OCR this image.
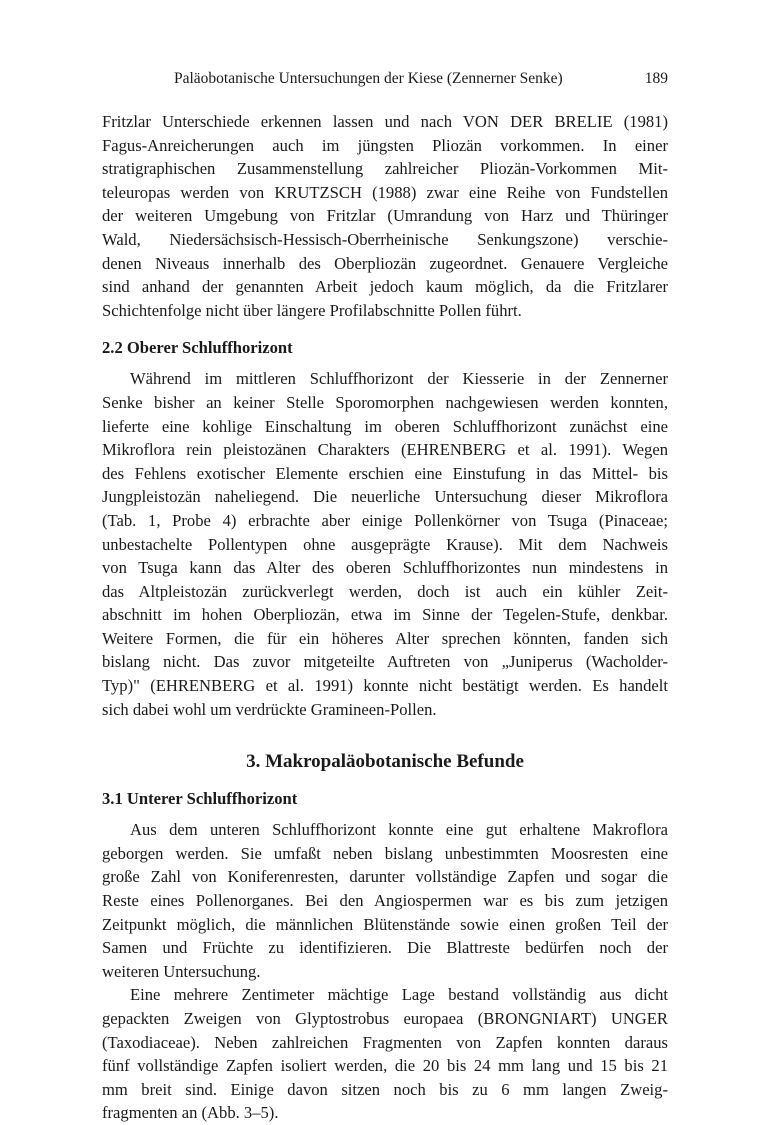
Paläobotanische Untersuchungen der Kiese (Zennerner Senke)	189

Fritzlar Unterschiede erkennen lassen und nach VON DER BRELIE (1981)
Fagus-Anreicherungen auch im jüngsten Pliozän vorkommen. In einer
stratigraphischen Zusammenstellung zahlreicher Pliozän-Vorkommen Mit-
teleuropas werden von KRUTZSCH (1988) zwar eine Reihe von Fundstellen
der weiteren Umgebung von Fritzlar (Umrandung von Harz und Thüringer
Wald, Niedersächsisch-Hessisch-Oberrheinische Senkungszone) verschie-
denen Niveaus innerhalb des Oberpliozän zugeordnet. Genauere Vergleiche
sind anhand der genannten Arbeit jedoch kaum möglich, da die Fritzlarer
Schichtenfolge nicht über längere Profilabschnitte Pollen führt.

2.2 Oberer Schluffhorizont

Während im mittleren Schluffhorizont der Kiesserie in der Zennerner
Senke bisher an keiner Stelle Sporomorphen nachgewiesen werden konnten,
lieferte eine kohlige Einschaltung im oberen Schluffhorizont zunächst eine
Mikroflora rein pleistozänen Charakters (EHRENBERG et al. 1991). Wegen
des Fehlens exotischer Elemente erschien eine Einstufung in das Mittel- bis
Jungpleistozän naheliegend. Die neuerliche Untersuchung dieser Mikroflora
(Tab. 1, Probe 4) erbrachte aber einige Pollenkörner von Tsuga (Pinaceae;
unbestachelte Pollentypen ohne ausgeprägte Krause). Mit dem Nachweis
von Tsuga kann das Alter des oberen Schluffhorizontes nun mindestens in
das Altpleistozän zurückverlegt werden, doch ist auch ein kühler Zeit-
abschnitt im hohen Oberpliozän, etwa im Sinne der Tegelen-Stufe, denkbar.
Weitere Formen, die für ein höheres Alter sprechen könnten, fanden sich
bislang nicht. Das zuvor mitgeteilte Auftreten von „Juniperus (Wacholder-
Typ)" (EHRENBERG et al. 1991) konnte nicht bestätigt werden. Es handelt
sich dabei wohl um verdrückte Gramineen-Pollen.

3. Makropaläobotanische Befunde
3.1 Unterer Schluffhorizont

Aus dem unteren Schluffhorizont konnte eine gut erhaltene Makroflora
geborgen werden. Sie umfaßt neben bislang unbestimmten Moosresten eine
große Zahl von Koniferenresten, darunter vollständige Zapfen und sogar die
Reste eines Pollenorganes. Bei den Angiospermen war es bis zum jetzigen
Zeitpunkt möglich, die männlichen Blütenstände sowie einen großen Teil der
Samen und Früchte zu identifizieren. Die Blattreste bedürfen noch der
weiteren Untersuchung.

Eine mehrere Zentimeter mächtige Lage bestand vollständig aus dicht
gepackten Zweigen von Glyptostrobus europaea (BRONGNIART) UNGER
(Taxodiaceae). Neben zahlreichen Fragmenten von Zapfen konnten daraus
fünf vollständige Zapfen isoliert werden, die 20 bis 24 mm lang und 15 bis 21
mm breit sind. Einige davon sitzen noch bis zu 6 mm langen Zweig-
fragmenten an (Abb. 3–5).
